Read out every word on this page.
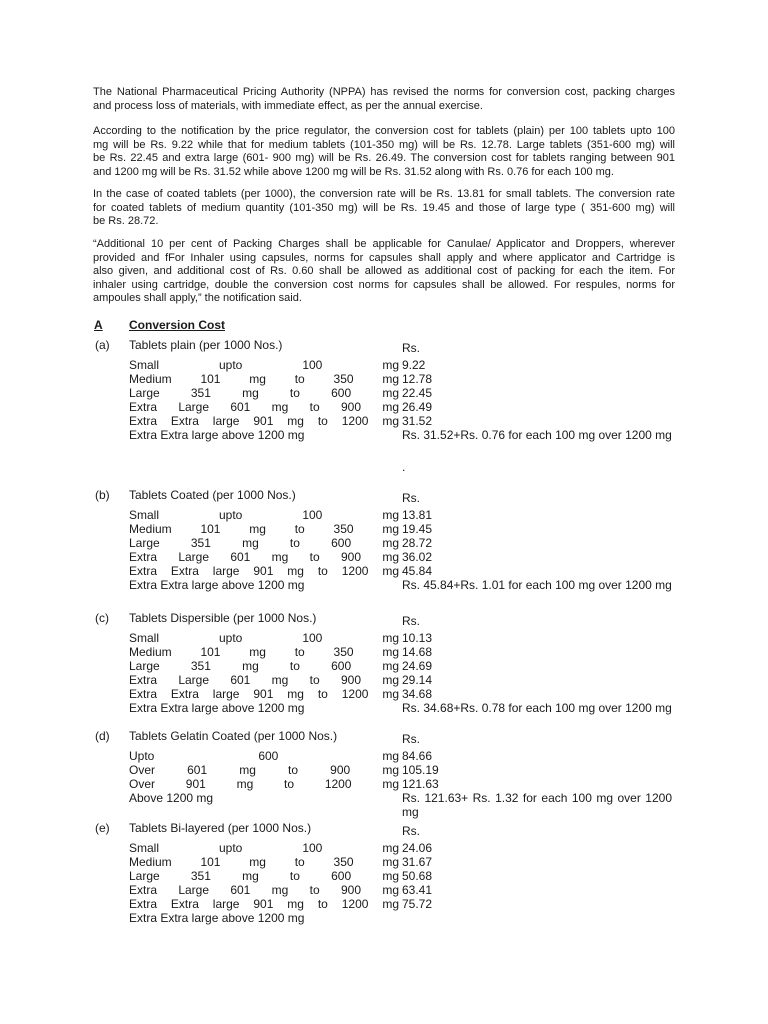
The National Pharmaceutical Pricing Authority (NPPA) has revised the norms for conversion cost, packing charges
and process loss of materials, with immediate effect, as per the annual exercise.
According to the notification by the price regulator, the conversion cost for tablets (plain) per 100 tablets upto 100
mg will be Rs. 9.22 while that for medium tablets (101-350 mg) will be Rs. 12.78. Large tablets (351-600 mg) will
be Rs. 22.45 and extra large (601- 900 mg) will be Rs. 26.49. The conversion cost for tablets ranging between 901
and 1200 mg will be Rs. 31.52 while above 1200 mg will be Rs. 31.52 along with Rs. 0.76 for each 100 mg.
In the case of coated tablets (per 1000), the conversion rate will be Rs. 13.81 for small tablets. The conversion rate
for coated tablets of medium quantity (101-350 mg) will be Rs. 19.45 and those of large type ( 351-600 mg) will
be Rs. 28.72.
“Additional 10 per cent of Packing Charges shall be applicable for Canulae/ Applicator and Droppers, wherever
provided and fFor Inhaler using capsules, norms for capsules shall apply and where applicator and Cartridge is
also given, and additional cost of Rs. 0.60 shall be allowed as additional cost of packing for each the item. For
inhaler using cartridge, double the conversion cost norms for capsules shall be allowed. For respules, norms for
ampoules shall apply,” the notification said.
A Conversion Cost
(a) Tablets plain (per 1000 Nos.)	Rs.
Small upto 100 mg 9.22
Medium 101 mg to 350 mg 12.78
Large 351 mg to 600 mg 22.45
Extra Large 601 mg to 900 mg 26.49
Extra Extra large 901 mg to 1200 mg 31.52
Extra Extra large above 1200 mg	Rs. 31.52+Rs. 0.76 for each 100 mg over 1200 mg
.
(b) Tablets Coated (per 1000 Nos.)	Rs.
Small upto 100 mg 13.81
Medium 101 mg to 350 mg 19.45
Large 351 mg to 600 mg 28.72
Extra Large 601 mg to 900 mg 36.02
Extra Extra large 901 mg to 1200 mg 45.84
Extra Extra large above 1200 mg	Rs. 45.84+Rs. 1.01 for each 100 mg over 1200 mg
(c) Tablets Dispersible (per 1000 Nos.)	Rs.
Small upto 100 mg 10.13
Medium 101 mg to 350 mg 14.68
Large 351 mg to 600 mg 24.69
Extra Large 601 mg to 900 mg 29.14
Extra Extra large 901 mg to 1200 mg 34.68
Extra Extra large above 1200 mg	Rs. 34.68+Rs. 0.78 for each 100 mg over 1200 mg
(d) Tablets Gelatin Coated (per 1000 Nos.)	Rs.
Upto 600 mg 84.66
Over 601 mg to 900 mg 105.19
Over 901 mg to 1200 mg 121.63
Above 1200 mg	Rs. 121.63+ Rs. 1.32 for each 100 mg over 1200 mg
(e) Tablets Bi-layered (per 1000 Nos.)	Rs.
Small upto 100 mg 24.06
Medium 101 mg to 350 mg 31.67
Large 351 mg to 600 mg 50.68
Extra Large 601 mg to 900 mg 63.41
Extra Extra large 901 mg to 1200 mg 75.72
Extra Extra large above 1200 mg
